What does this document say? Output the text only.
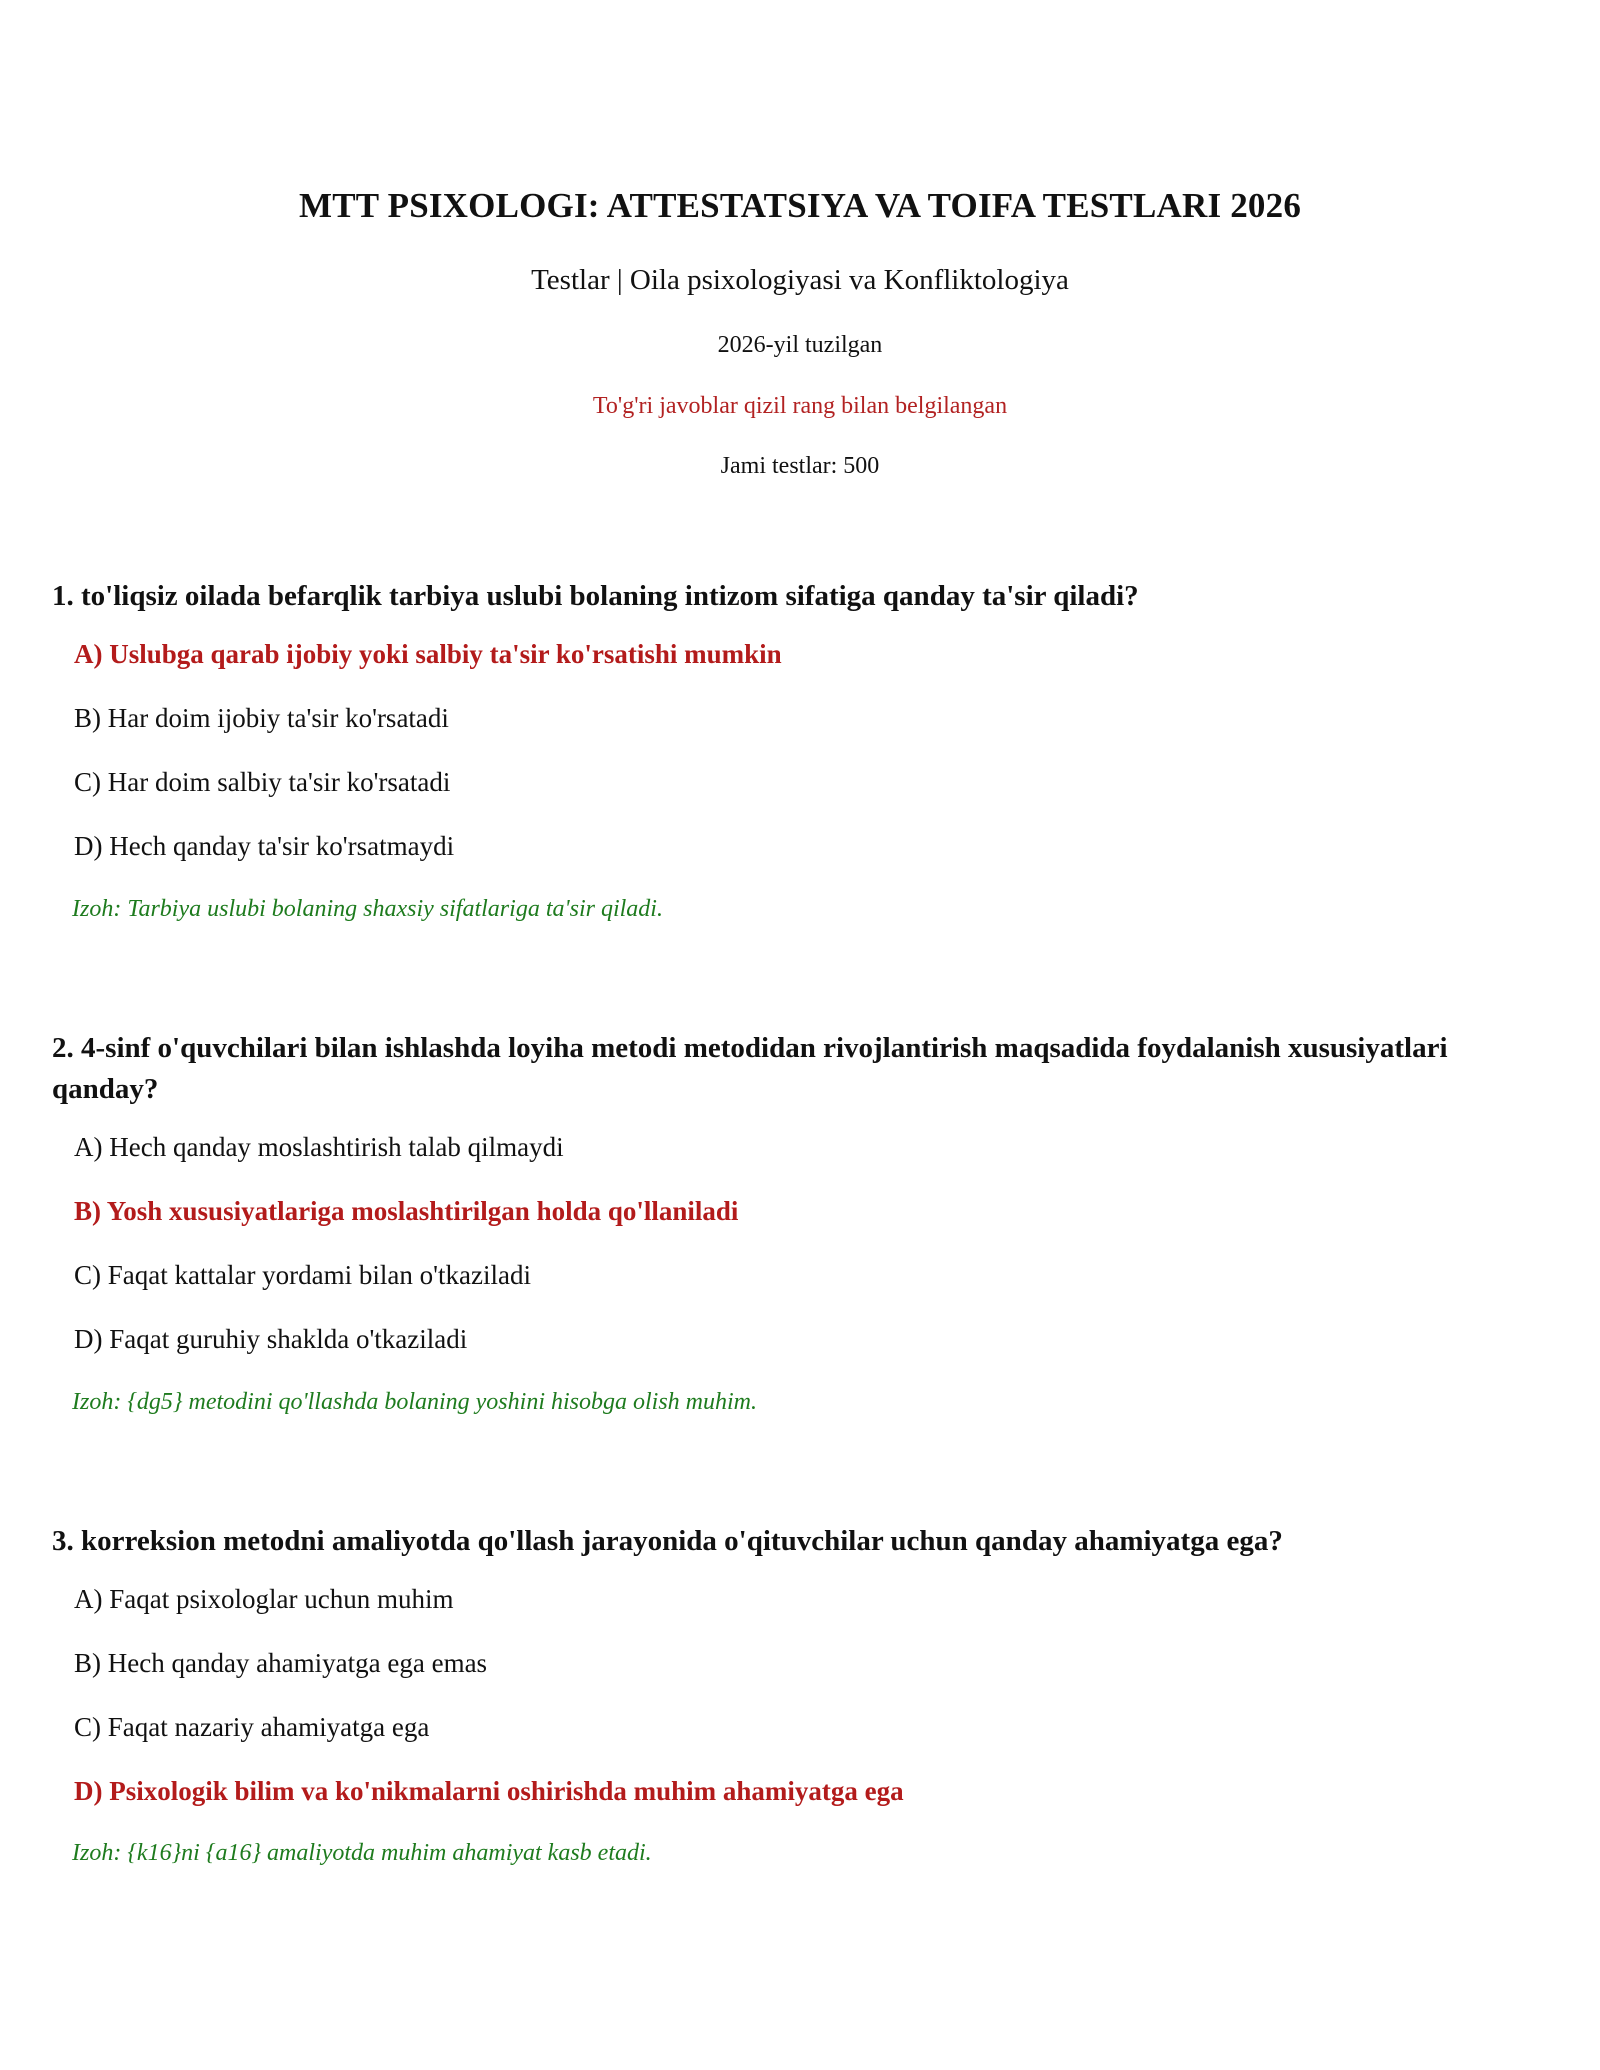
MTT PSIXOLOGI: ATTESTATSIYA VA TOIFA TESTLARI 2026
Testlar | Oila psixologiyasi va Konfliktologiya
2026-yil tuzilgan
To'g'ri javoblar qizil rang bilan belgilangan
Jami testlar: 500

1. to'liqsiz oilada befarqlik tarbiya uslubi bolaning intizom sifatiga qanday ta'sir qiladi?

A) Uslubga qarab ijobiy yoki salbiy ta'sir ko'rsatishi mumkin
B) Har doim ijobiy ta'sir ko'rsatadi
C) Har doim salbiy ta'sir ko'rsatadi
D) Hech qanday ta'sir ko'rsatmaydi
Izoh: Tarbiya uslubi bolaning shaxsiy sifatlariga ta'sir qiladi.

2. 4-sinf o'quvchilari bilan ishlashda loyiha metodi metodidan rivojlantirish maqsadida foydalanish xususiyatlari qanday?

A) Hech qanday moslashtirish talab qilmaydi
B) Yosh xususiyatlariga moslashtirilgan holda qo'llaniladi
C) Faqat kattalar yordami bilan o'tkaziladi
D) Faqat guruhiy shaklda o'tkaziladi
Izoh: {dg5} metodini qo'llashda bolaning yoshini hisobga olish muhim.

3. korreksion metodni amaliyotda qo'llash jarayonida o'qituvchilar uchun qanday ahamiyatga ega?

A) Faqat psixologlar uchun muhim
B) Hech qanday ahamiyatga ega emas
C) Faqat nazariy ahamiyatga ega
D) Psixologik bilim va ko'nikmalarni oshirishda muhim ahamiyatga ega
Izoh: {k16}ni {a16} amaliyotda muhim ahamiyat kasb etadi.
